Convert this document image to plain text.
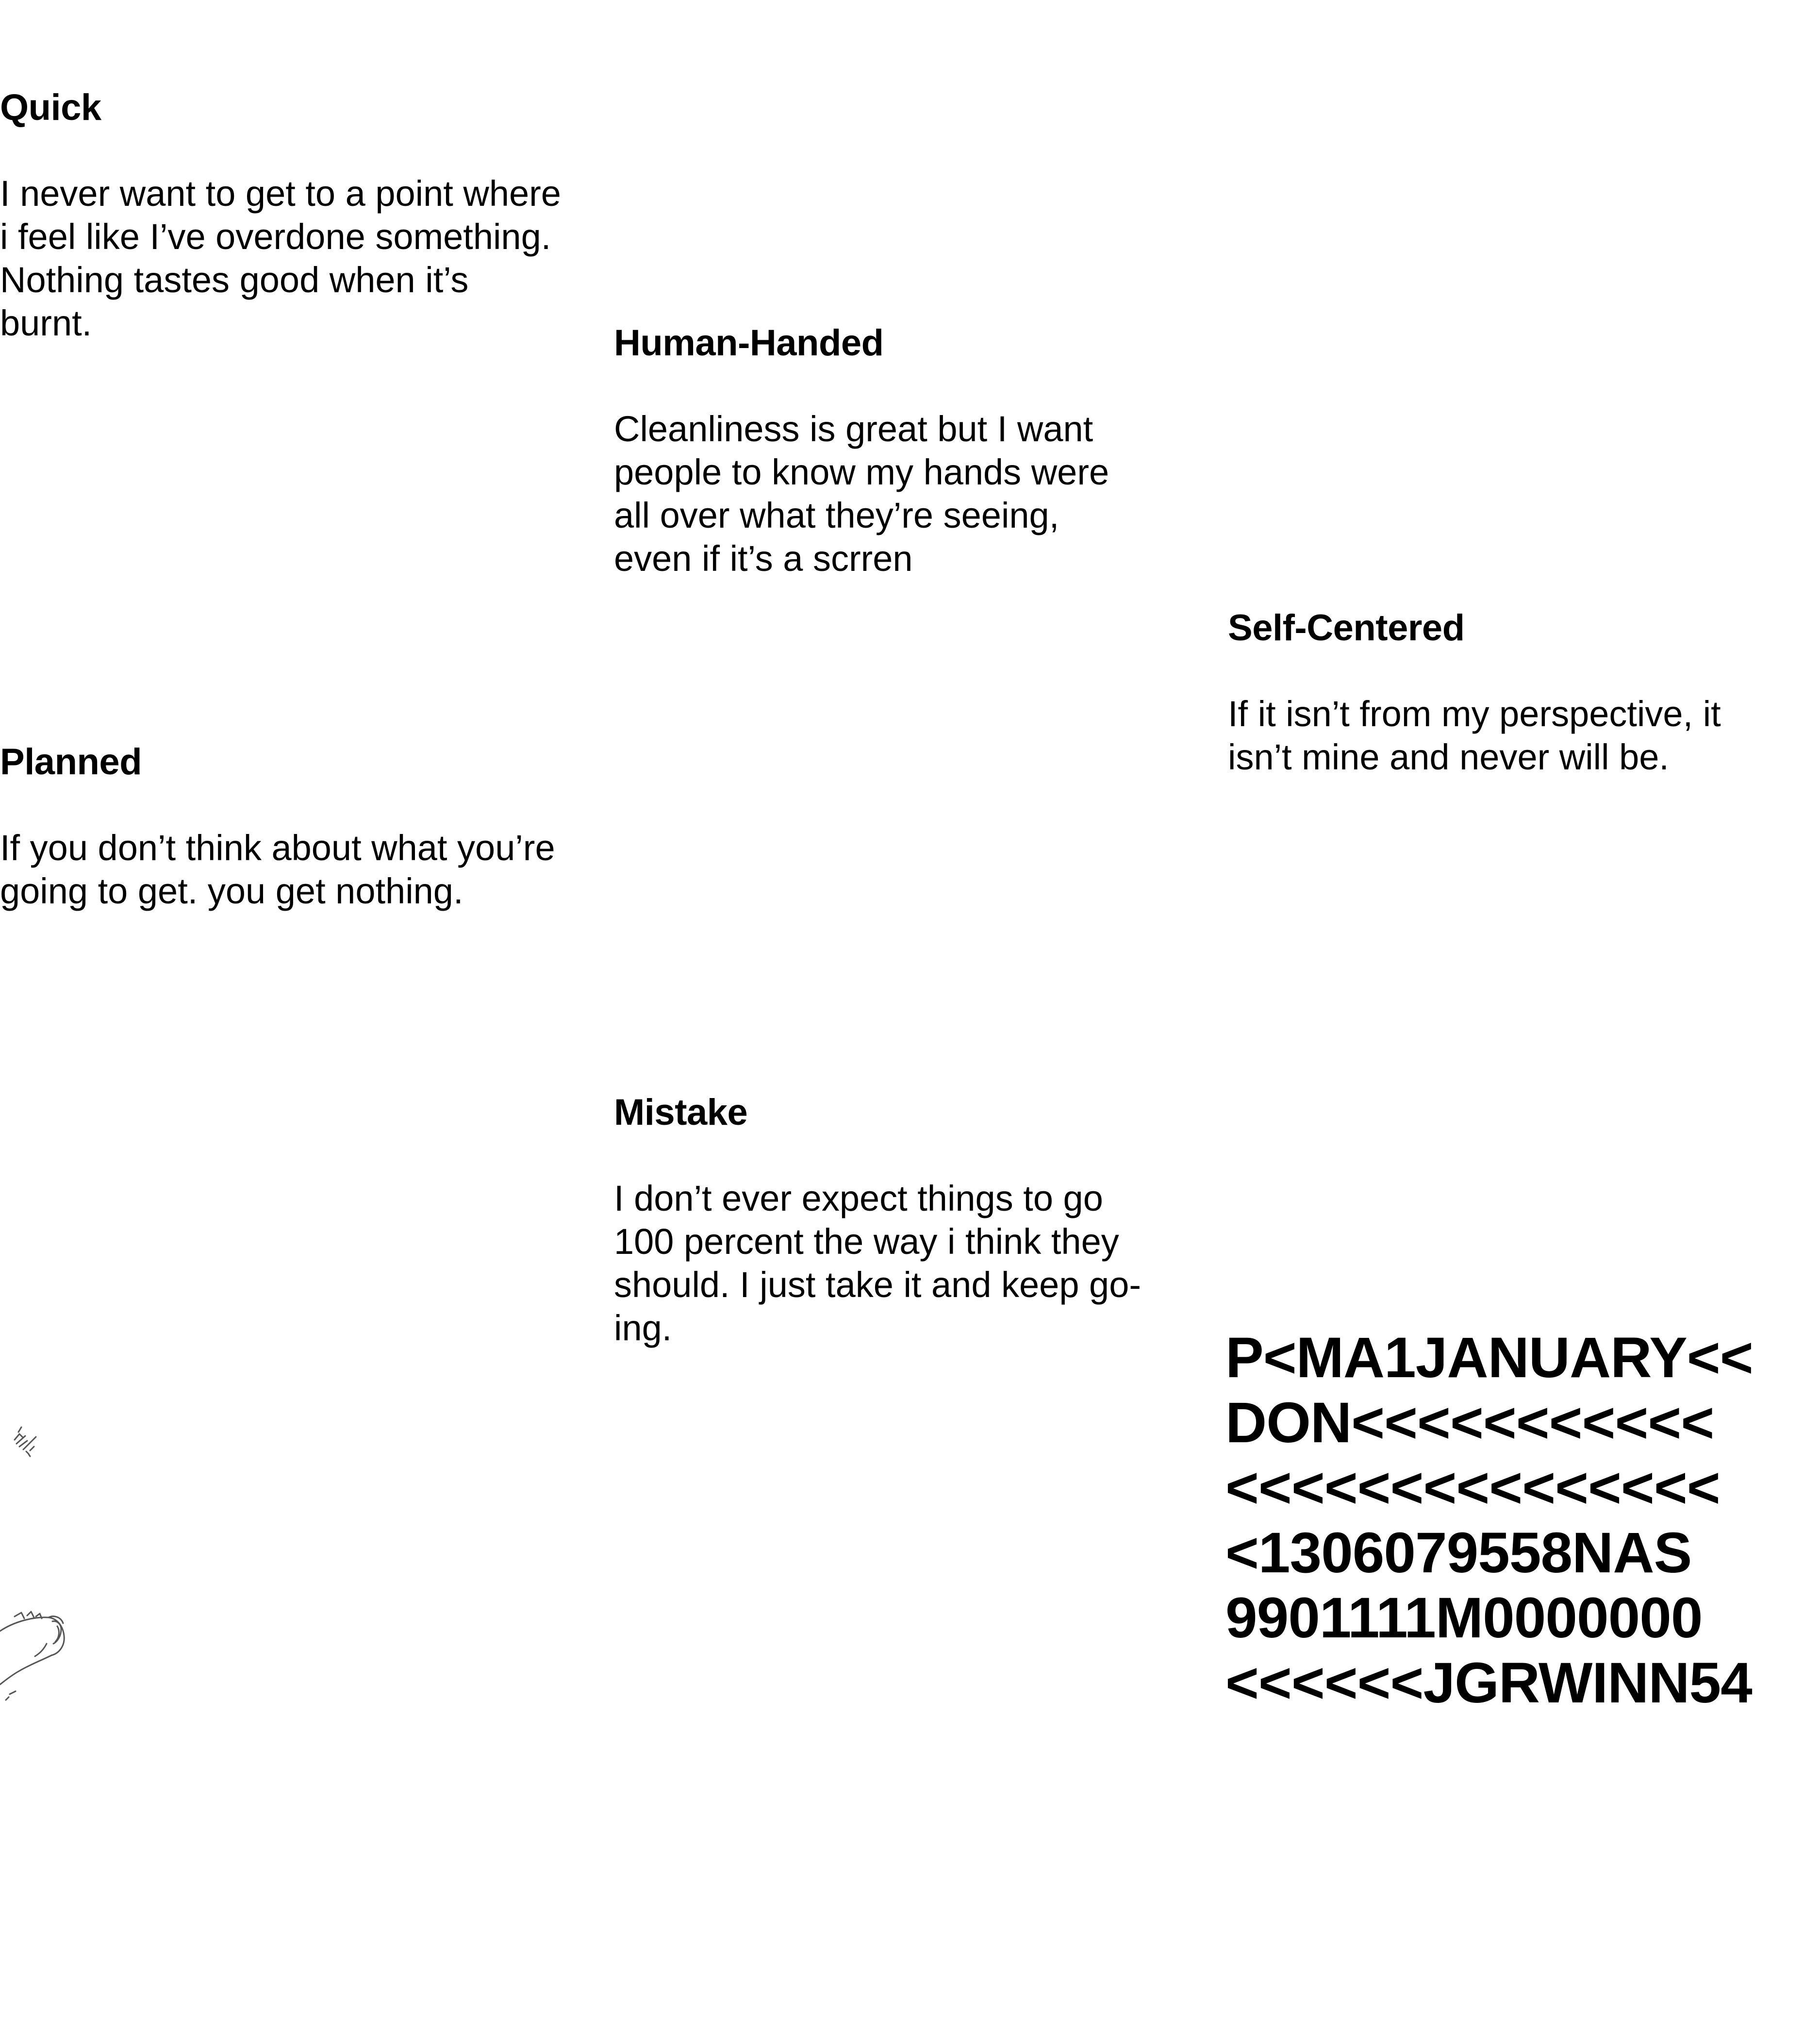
Quick

I never want to get to a point where
i feel like I’ve overdone something.
Nothing tastes good when it’s
burnt.	Human-Handed

Cleanliness is great but I want
people to know my hands were
all over what they’re seeing,
even if it’s a scrren

Self-Centered

If it isn’t from my perspective, it
isn’t mine and never will be.

Planned

If you don’t think about what you’re
going to get. you get nothing.

Mistake

I don’t ever expect things to go
100 percent the way i think they
should. I just take it and keep go-
ing.	P<MA1JANUARY<<
DON<<<<<<<<<<<
<<<<<<<<<<<<<<<
<1306079558NAS
9901111M0000000
<<<<<<JGRWINN54
